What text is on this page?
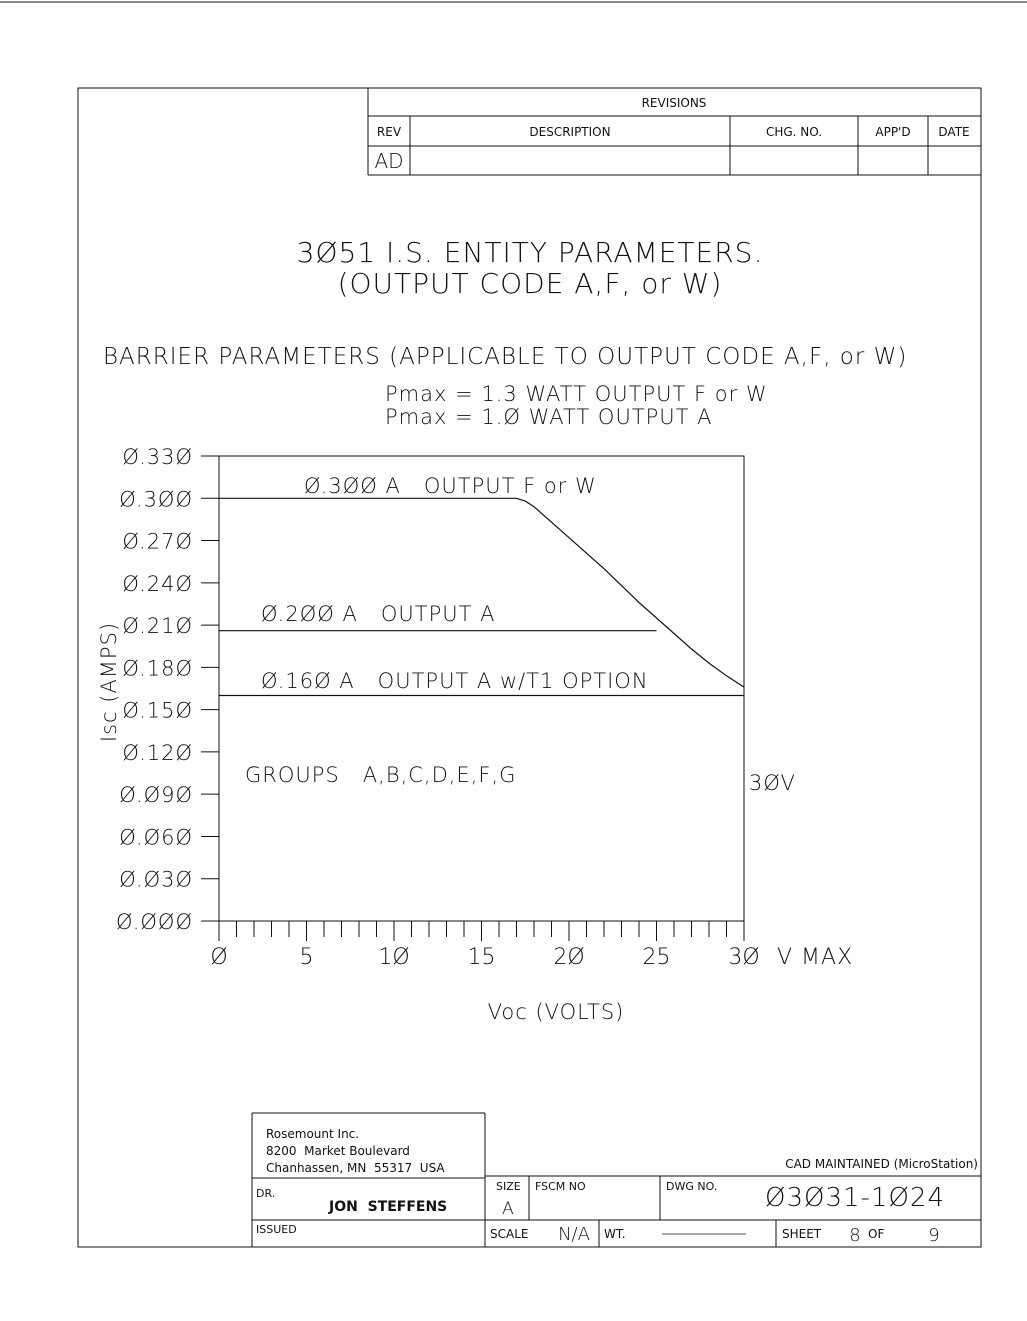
REVISIONS
REV	DESCRIPTION	CHG. NO.	APP'D DATE
AD
3Ø51 I.S. ENTITY PARAMETERS.
(OUTPUT CODE A,F, or W)
BARRIER PARAMETERS (APPLICABLE TO OUTPUT CODE A,F, or W)
Pmax = 1.3 WATT OUTPUT F or W
Pmax = 1.Ø WATT OUTPUT A
Ø.33Ø
Ø.3ØØ
Ø.27Ø
Ø.24Ø
Ø.21Ø
Ø.18Ø
Ø.15Ø
Ø.12Ø
Ø.Ø9Ø
Ø.Ø6Ø
Ø.Ø3Ø
Ø.ØØØ
Ø	5	1Ø	15	2Ø	25	3Ø
Ø.3ØØ A   OUTPUT F or W
Ø.2ØØ A   OUTPUT A
Ø.16Ø A   OUTPUT A w/T1 OPTION
GROUPS   A,B,C,D,E,F,G	3ØV
V MAX
Voc (VOLTS)
Isc (AMPS)
Rosemount Inc.
8200  Market Boulevard
Chanhassen, MN  55317  USA
DR.
JON  STEFFENS
ISSUED
CAD MAINTAINED (MicroStation)
SIZE
A
FSCM NO	DWG NO. Ø3Ø31-1Ø24
SCALE N/A WT.	SHEET 8 OF 9
